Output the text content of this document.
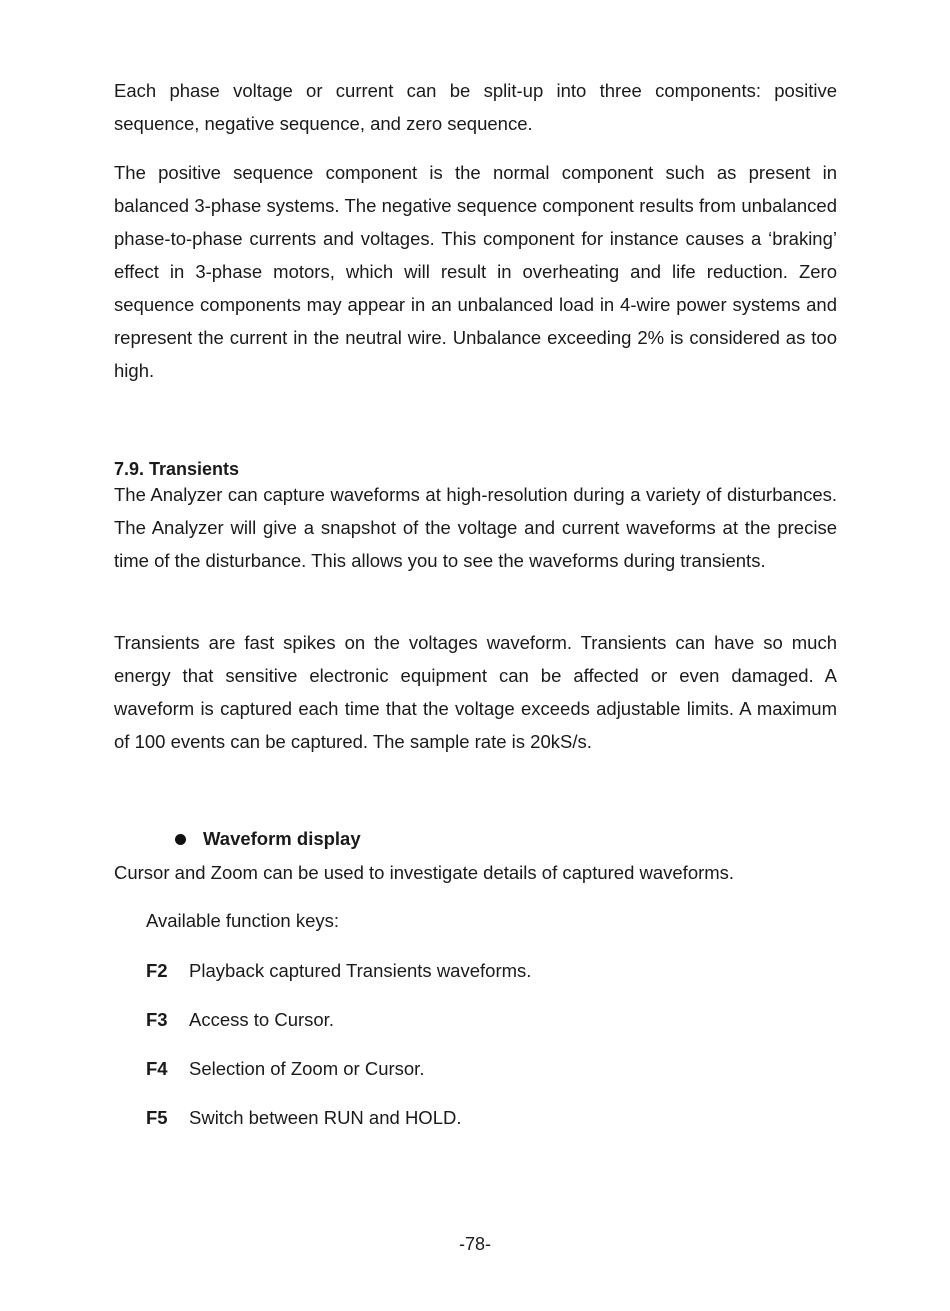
Each phase voltage or current can be split-up into three components: positive sequence, negative sequence, and zero sequence.

The positive sequence component is the normal component such as present in balanced 3-phase systems. The negative sequence component results from unbalanced phase-to-phase currents and voltages. This component for instance causes a ‘braking’ effect in 3-phase motors, which will result in overheating and life reduction. Zero sequence components may appear in an unbalanced load in 4-wire power systems and represent the current in the neutral wire. Unbalance exceeding 2% is considered as too high.

7.9. Transients

The Analyzer can capture waveforms at high-resolution during a variety of disturbances. The Analyzer will give a snapshot of the voltage and current waveforms at the precise time of the disturbance. This allows you to see the waveforms during transients.

Transients are fast spikes on the voltages waveform. Transients can have so much energy that sensitive electronic equipment can be affected or even damaged. A waveform is captured each time that the voltage exceeds adjustable limits. A maximum of 100 events can be captured. The sample rate is 20kS/s.

Waveform display

Cursor and Zoom can be used to investigate details of captured waveforms.

Available function keys:

F2	Playback captured Transients waveforms.
F3	Access to Cursor.
F4	Selection of Zoom or Cursor.
F5	Switch between RUN and HOLD.
-78-
